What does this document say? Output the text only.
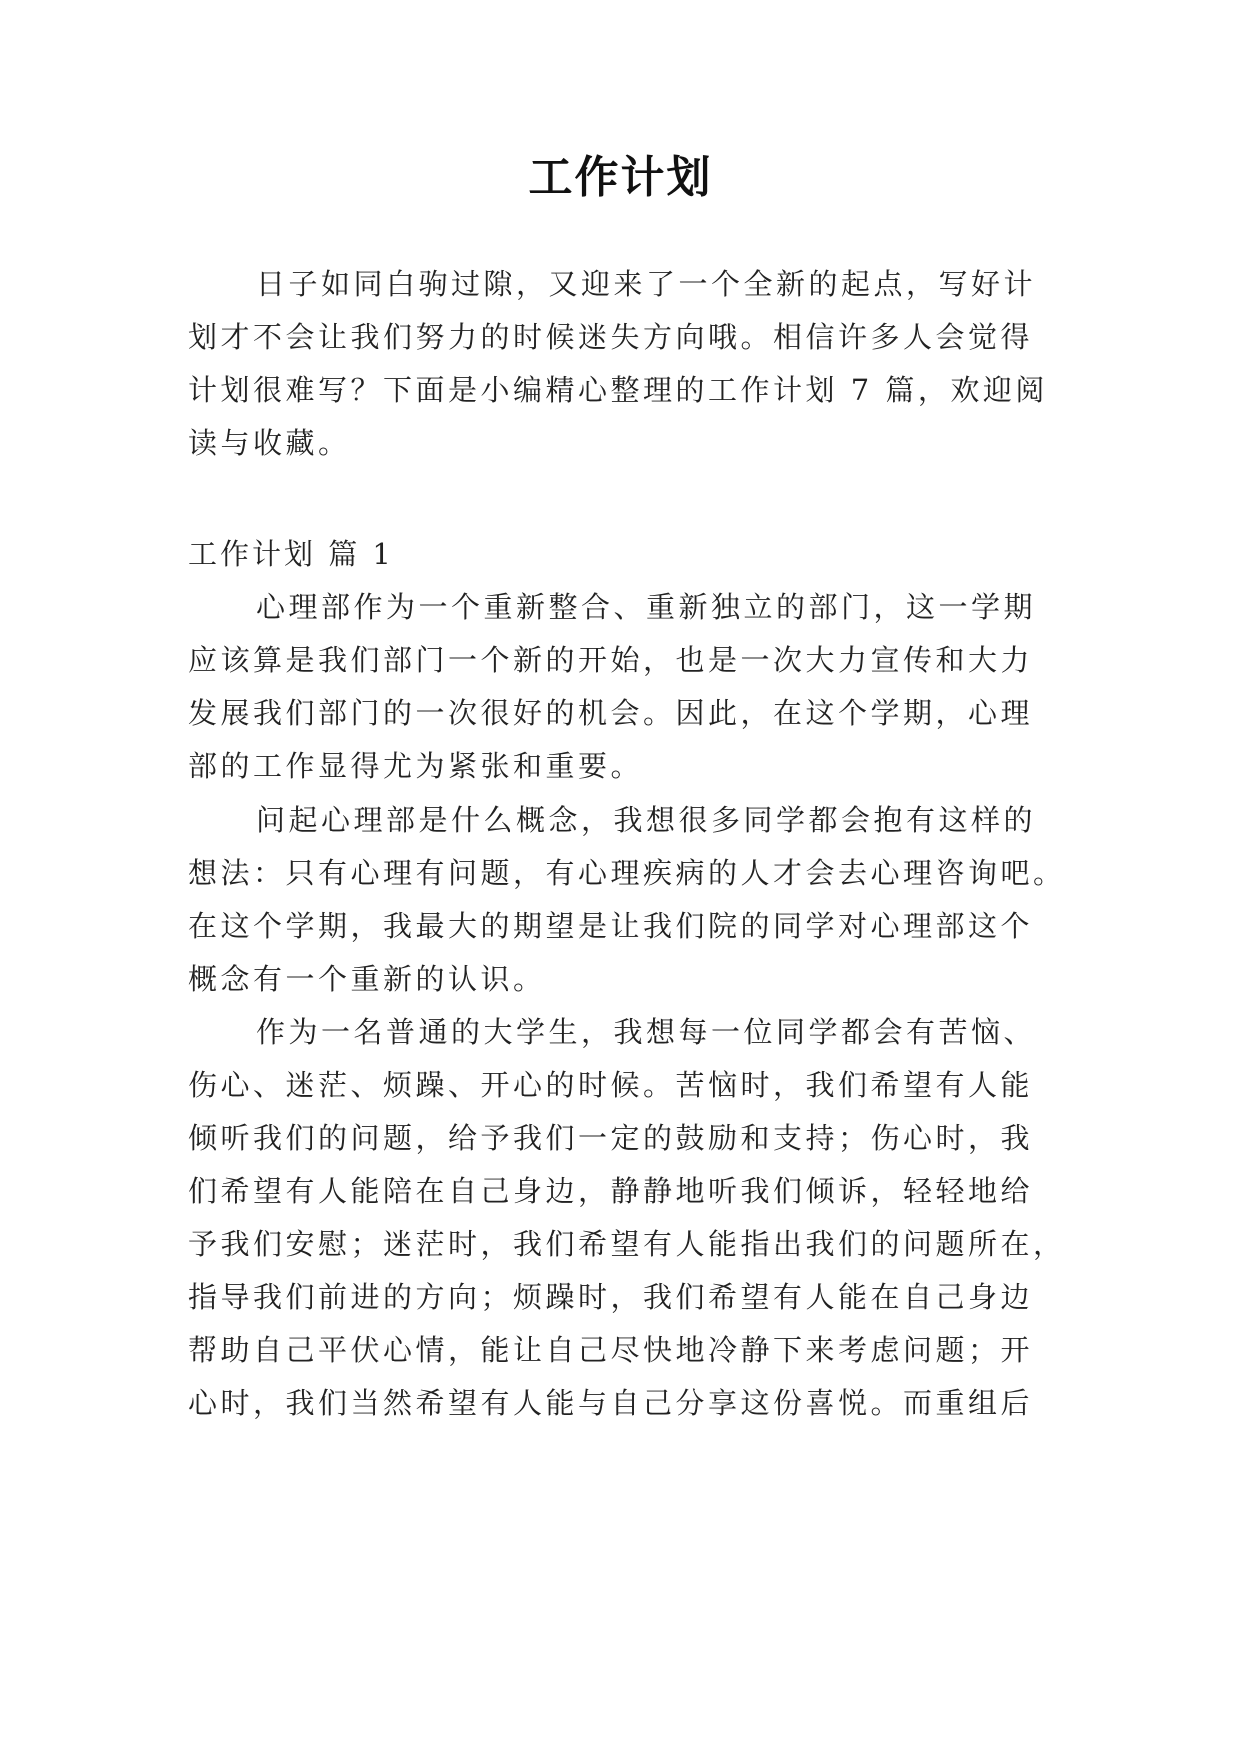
工作计划
日子如同白驹过隙，又迎来了一个全新的起点，写好计
划才不会让我们努力的时候迷失方向哦。相信许多人会觉得
计划很难写？下面是小编精心整理的工作计划 7 篇，欢迎阅
读与收藏。
工作计划 篇 1
心理部作为一个重新整合、重新独立的部门，这一学期
应该算是我们部门一个新的开始，也是一次大力宣传和大力
发展我们部门的一次很好的机会。因此，在这个学期，心理
部的工作显得尤为紧张和重要。
问起心理部是什么概念，我想很多同学都会抱有这样的
想法：只有心理有问题，有心理疾病的人才会去心理咨询吧。
在这个学期，我最大的期望是让我们院的同学对心理部这个
概念有一个重新的认识。
作为一名普通的大学生，我想每一位同学都会有苦恼、
伤心、迷茫、烦躁、开心的时候。苦恼时，我们希望有人能
倾听我们的问题，给予我们一定的鼓励和支持；伤心时，我
们希望有人能陪在自己身边，静静地听我们倾诉，轻轻地给
予我们安慰；迷茫时，我们希望有人能指出我们的问题所在，
指导我们前进的方向；烦躁时，我们希望有人能在自己身边
帮助自己平伏心情，能让自己尽快地冷静下来考虑问题；开
心时，我们当然希望有人能与自己分享这份喜悦。而重组后
